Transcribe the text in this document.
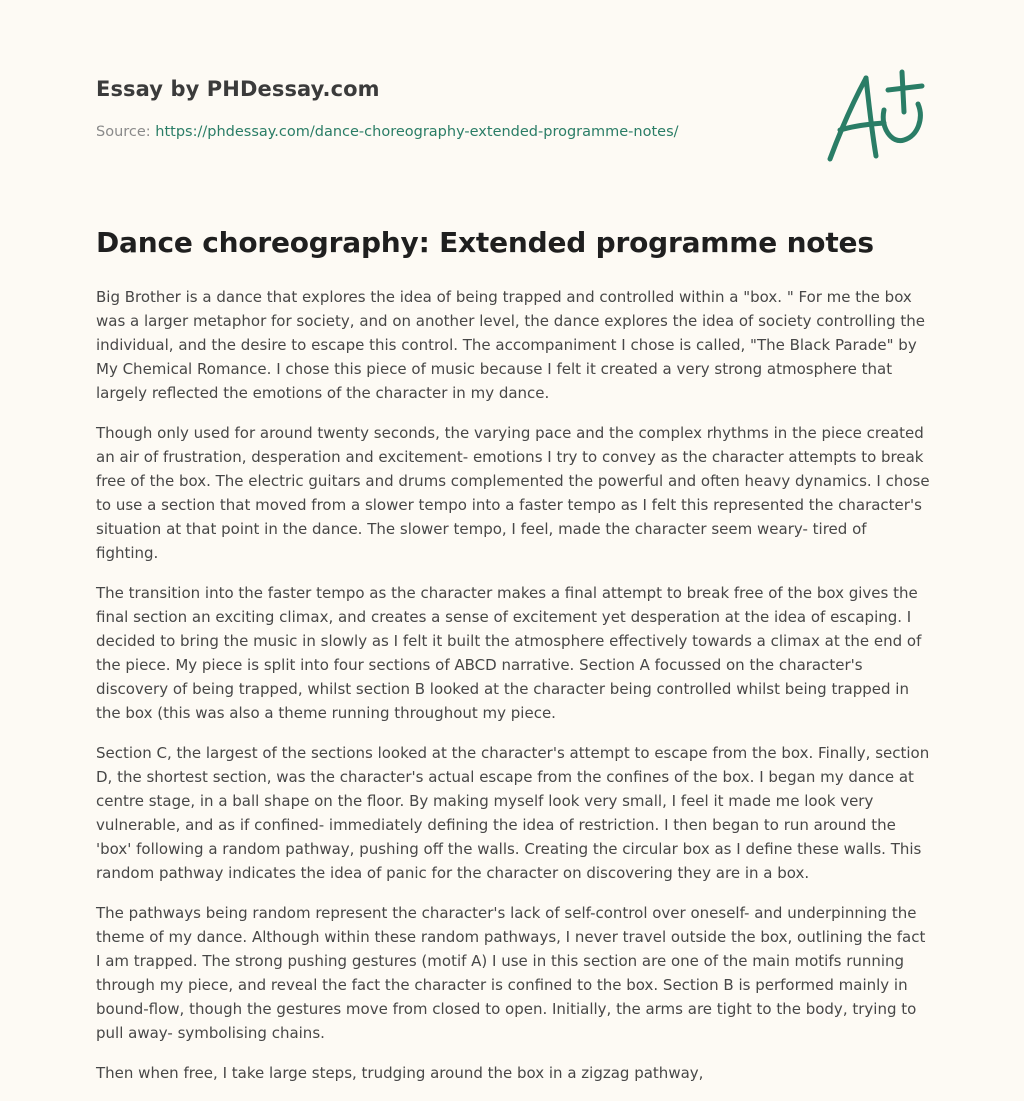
Essay by PHDessay.com
Source: https://phdessay.com/dance-choreography-extended-programme-notes/
Dance choreography: Extended programme notes

Big Brother is a dance that explores the idea of being trapped and controlled within a "box. " For me the box was a larger metaphor for society, and on another level, the dance explores the idea of society controlling the individual, and the desire to escape this control. The accompaniment I chose is called, "The Black Parade" by My Chemical Romance. I chose this piece of music because I felt it created a very strong atmosphere that largely reflected the emotions of the character in my dance.

Though only used for around twenty seconds, the varying pace and the complex rhythms in the piece created an air of frustration, desperation and excitement- emotions I try to convey as the character attempts to break free of the box. The electric guitars and drums complemented the powerful and often heavy dynamics. I chose to use a section that moved from a slower tempo into a faster tempo as I felt this represented the character's situation at that point in the dance. The slower tempo, I feel, made the character seem weary- tired of fighting.

The transition into the faster tempo as the character makes a final attempt to break free of the box gives the final section an exciting climax, and creates a sense of excitement yet desperation at the idea of escaping. I decided to bring the music in slowly as I felt it built the atmosphere effectively towards a climax at the end of the piece. My piece is split into four sections of ABCD narrative. Section A focussed on the character's discovery of being trapped, whilst section B looked at the character being controlled whilst being trapped in the box (this was also a theme running throughout my piece.

Section C, the largest of the sections looked at the character's attempt to escape from the box. Finally, section D, the shortest section, was the character's actual escape from the confines of the box. I began my dance at centre stage, in a ball shape on the floor. By making myself look very small, I feel it made me look very vulnerable, and as if confined- immediately defining the idea of restriction. I then began to run around the 'box' following a random pathway, pushing off the walls. Creating the circular box as I define these walls. This random pathway indicates the idea of panic for the character on discovering they are in a box.

The pathways being random represent the character's lack of self-control over oneself- and underpinning the theme of my dance. Although within these random pathways, I never travel outside the box, outlining the fact I am trapped. The strong pushing gestures (motif A) I use in this section are one of the main motifs running through my piece, and reveal the fact the character is confined to the box. Section B is performed mainly in bound-flow, though the gestures move from closed to open. Initially, the arms are tight to the body, trying to pull away- symbolising chains.

Then when free, I take large steps, trudging around the box in a zigzag pathway,
